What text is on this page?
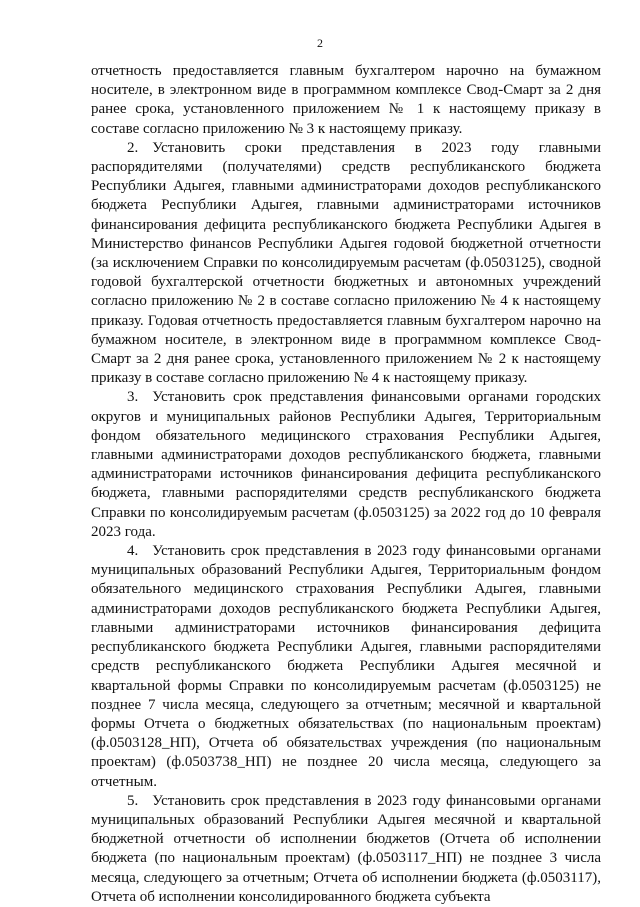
2

отчетность предоставляется главным бухгалтером нарочно на бумажном носителе, в электронном виде в программном комплексе Свод-Смарт за 2 дня ранее срока, установленного приложением № 1 к настоящему приказу в составе согласно приложению № 3 к настоящему приказу.

2. Установить сроки представления в 2023 году главными распорядителями (получателями) средств республиканского бюджета Республики Адыгея, главными администраторами доходов республиканского бюджета Республики Адыгея, главными администраторами источников финансирования дефицита республиканского бюджета Республики Адыгея в Министерство финансов Республики Адыгея годовой бюджетной отчетности (за исключением Справки по консолидируемым расчетам (ф.0503125), сводной годовой бухгалтерской отчетности бюджетных и автономных учреждений согласно приложению № 2 в составе согласно приложению № 4 к настоящему приказу. Годовая отчетность предоставляется главным бухгалтером нарочно на бумажном носителе, в электронном виде в программном комплексе Свод-Смарт за 2 дня ранее срока, установленного приложением № 2 к настоящему приказу в составе согласно приложению № 4 к настоящему приказу.

3. Установить срок представления финансовыми органами городских округов и муниципальных районов Республики Адыгея, Территориальным фондом обязательного медицинского страхования Республики Адыгея, главными администраторами доходов республиканского бюджета, главными администраторами источников финансирования дефицита республиканского бюджета, главными распорядителями средств республиканского бюджета Справки по консолидируемым расчетам (ф.0503125) за 2022 год до 10 февраля 2023 года.

4. Установить срок представления в 2023 году финансовыми органами муниципальных образований Республики Адыгея, Территориальным фондом обязательного медицинского страхования Республики Адыгея, главными администраторами доходов республиканского бюджета Республики Адыгея, главными администраторами источников финансирования дефицита республиканского бюджета Республики Адыгея, главными распорядителями средств республиканского бюджета Республики Адыгея месячной и квартальной формы Справки по консолидируемым расчетам (ф.0503125) не позднее 7 числа месяца, следующего за отчетным; месячной и квартальной формы Отчета о бюджетных обязательствах (по национальным проектам) (ф.0503128_НП), Отчета об обязательствах учреждения (по национальным проектам) (ф.0503738_НП) не позднее 20 числа месяца, следующего за отчетным.

5. Установить срок представления в 2023 году финансовыми органами муниципальных образований Республики Адыгея месячной и квартальной бюджетной отчетности об исполнении бюджетов (Отчета об исполнении бюджета (по национальным проектам) (ф.0503117_НП) не позднее 3 числа месяца, следующего за отчетным; Отчета об исполнении бюджета (ф.0503117), Отчета об исполнении консолидированного бюджета субъекта
